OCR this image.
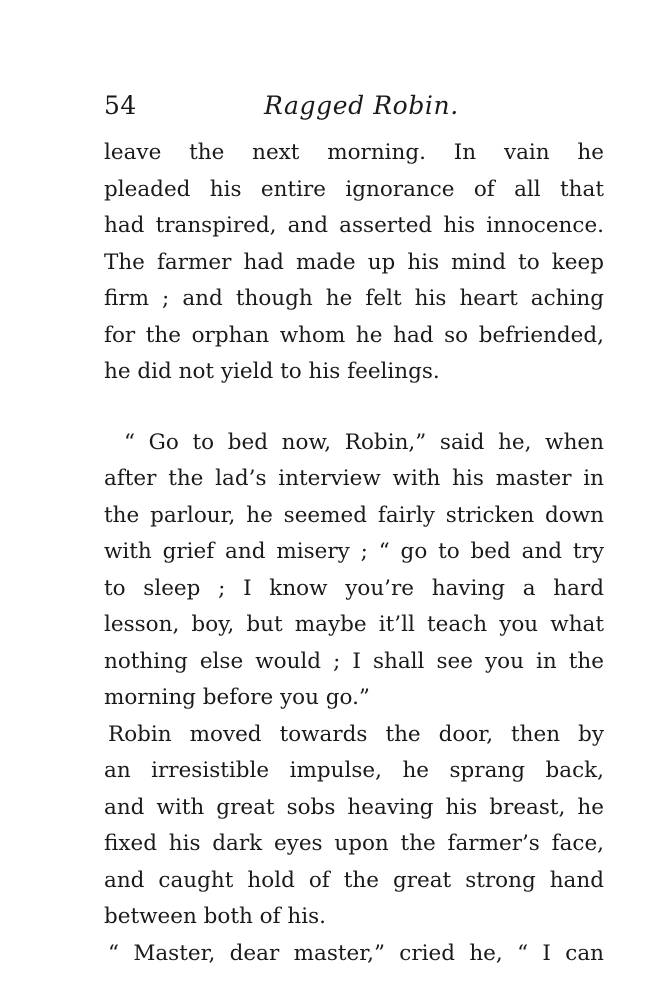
54	Ragged Robin.
leave the next morning. In vain he
pleaded his entire ignorance of all that
had transpired, and asserted his innocence.
The farmer had made up his mind to keep
firm ; and though he felt his heart aching
for the orphan whom he had so befriended,
he did not yield to his feelings.
“ Go to bed now, Robin,” said he, when
after the lad’s interview with his master in
the parlour, he seemed fairly stricken down
with grief and misery ; “ go to bed and try
to sleep ; I know you’re having a hard
lesson, boy, but maybe it’ll teach you what
nothing else would ; I shall see you in the
morning before you go.”
Robin moved towards the door, then by
an irresistible impulse, he sprang back,
and with great sobs heaving his breast, he
fixed his dark eyes upon the farmer’s face,
and caught hold of the great strong hand
between both of his.
“ Master, dear master,” cried he, “ I can
